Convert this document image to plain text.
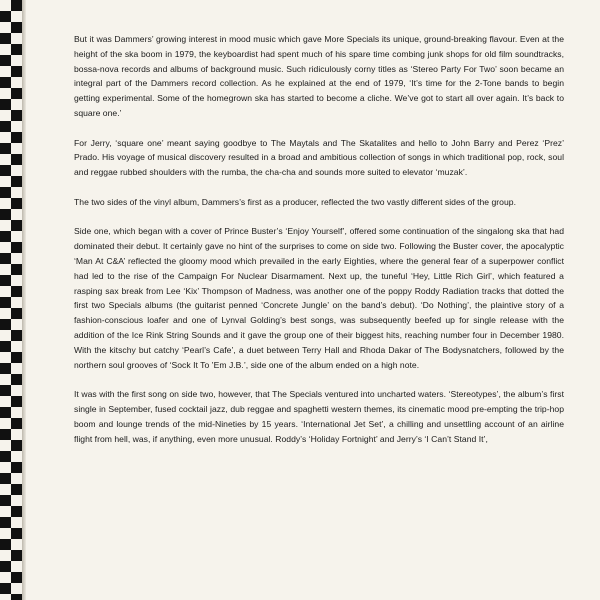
But it was Dammers’ growing interest in mood music which gave More Specials its unique, ground-breaking flavour. Even at the height of the ska boom in 1979, the keyboardist had spent much of his spare time combing junk shops for old film soundtracks, bossa-nova records and albums of background music. Such ridiculously corny titles as ‘Stereo Party For Two’ soon became an integral part of the Dammers record collection. As he explained at the end of 1979, ‘It’s time for the 2-Tone bands to begin getting experimental. Some of the homegrown ska has started to become a cliche. We’ve got to start all over again. It’s back to square one.’

For Jerry, ‘square one’ meant saying goodbye to The Maytals and The Skatalites and hello to John Barry and Perez ‘Prez’ Prado. His voyage of musical discovery resulted in a broad and ambitious collection of songs in which traditional pop, rock, soul and reggae rubbed shoulders with the rumba, the cha-cha and sounds more suited to elevator ‘muzak’.

The two sides of the vinyl album, Dammers’s first as a producer, reflected the two vastly different sides of the group.

Side one, which began with a cover of Prince Buster’s ‘Enjoy Yourself’, offered some continuation of the singalong ska that had dominated their debut. It certainly gave no hint of the surprises to come on side two. Following the Buster cover, the apocalyptic ‘Man At C&A’ reflected the gloomy mood which prevailed in the early Eighties, where the general fear of a superpower conflict had led to the rise of the Campaign For Nuclear Disarmament. Next up, the tuneful ‘Hey, Little Rich Girl’, which featured a rasping sax break from Lee ‘Kix’ Thompson of Madness, was another one of the poppy Roddy Radiation tracks that dotted the first two Specials albums (the guitarist penned ‘Concrete Jungle’ on the band’s debut). ‘Do Nothing’, the plaintive story of a fashion-conscious loafer and one of Lynval Golding’s best songs, was subsequently beefed up for single release with the addition of the Ice Rink String Sounds and it gave the group one of their biggest hits, reaching number four in December 1980. With the kitschy but catchy ‘Pearl’s Cafe’, a duet between Terry Hall and Rhoda Dakar of The Bodysnatchers, followed by the northern soul grooves of ‘Sock It To ’Em J.B.’, side one of the album ended on a high note.

It was with the first song on side two, however, that The Specials ventured into uncharted waters. ‘Stereotypes’, the album’s first single in September, fused cocktail jazz, dub reggae and spaghetti western themes, its cinematic mood pre-empting the trip-hop boom and lounge trends of the mid-Nineties by 15 years. ‘International Jet Set’, a chilling and unsettling account of an airline flight from hell, was, if anything, even more unusual. Roddy’s ‘Holiday Fortnight’ and Jerry’s ‘I Can’t Stand It’,
